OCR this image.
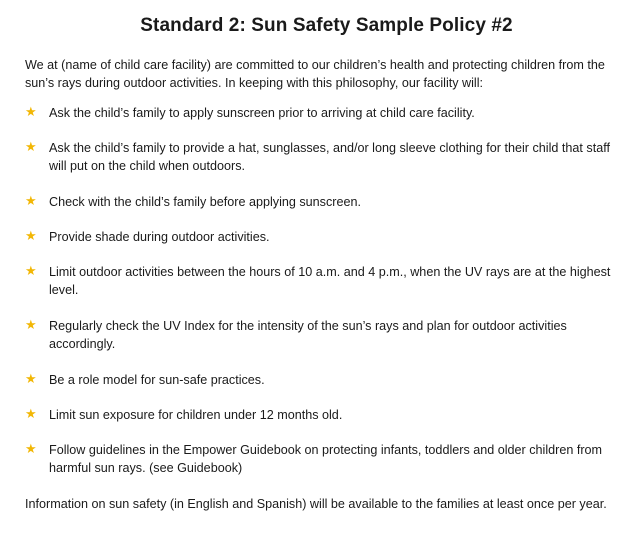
Standard 2: Sun Safety Sample Policy #2

We at (name of child care facility) are committed to our children’s health and protecting children from the sun’s rays during outdoor activities. In keeping with this philosophy, our facility will:

★ Ask the child’s family to apply sunscreen prior to arriving at child care facility.
★ Ask the child’s family to provide a hat, sunglasses, and/or long sleeve clothing for their child that staff will put on the child when outdoors.
★ Check with the child’s family before applying sunscreen.
★ Provide shade during outdoor activities.
★ Limit outdoor activities between the hours of 10 a.m. and 4 p.m., when the UV rays are at the highest level.
★ Regularly check the UV Index for the intensity of the sun’s rays and plan for outdoor activities accordingly.
★ Be a role model for sun-safe practices.
★ Limit sun exposure for children under 12 months old.
★ Follow guidelines in the Empower Guidebook on protecting infants, toddlers and older children from harmful sun rays. (see Guidebook)

Information on sun safety (in English and Spanish) will be available to the families at least once per year.
